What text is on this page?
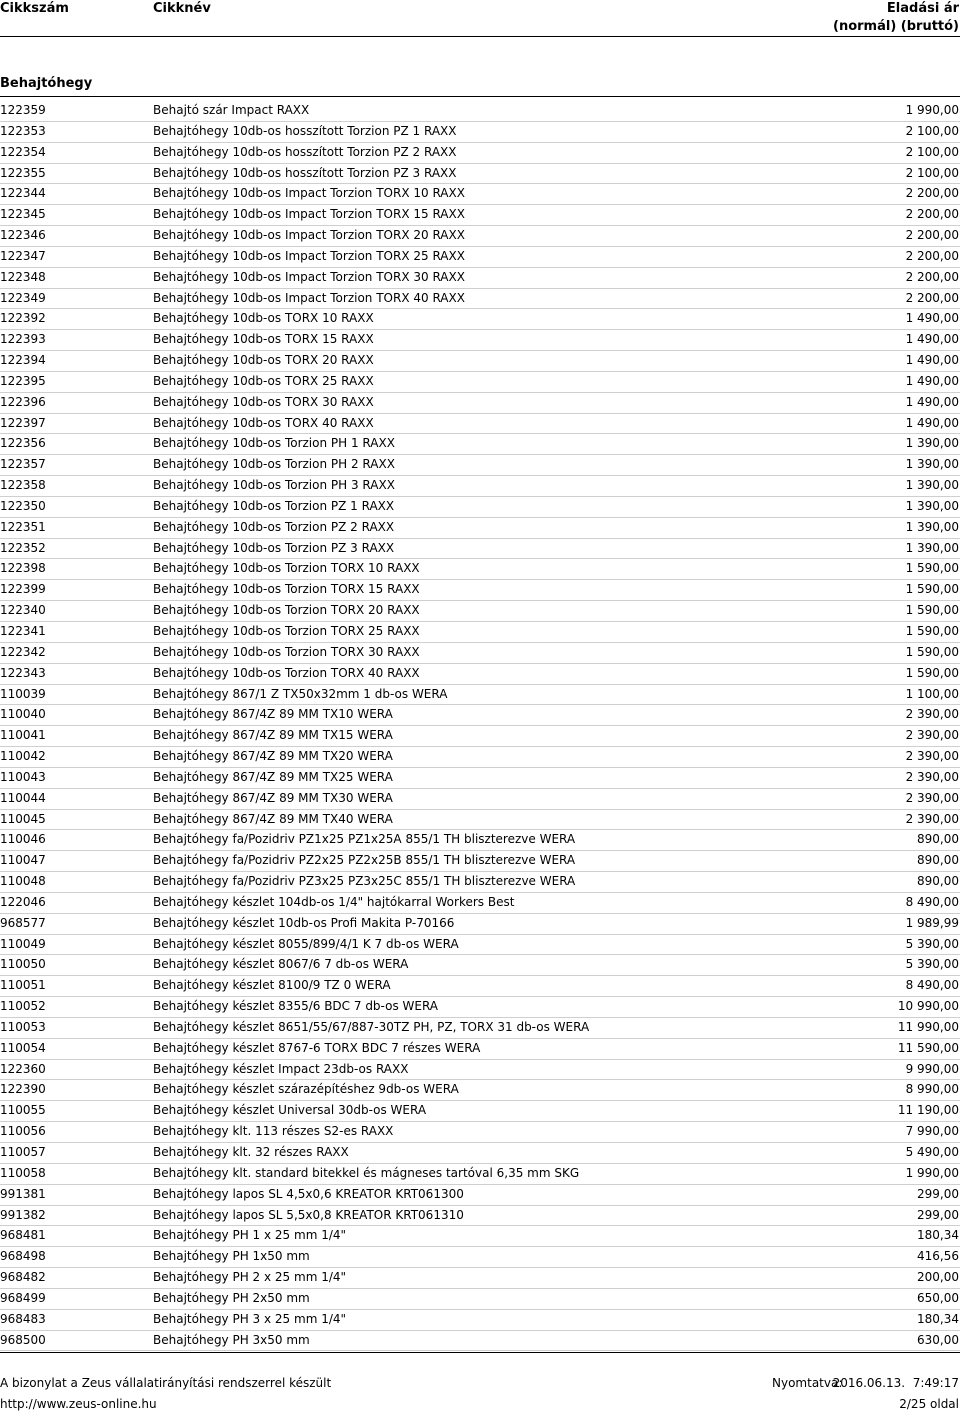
Cikkszám	Cikknév	Eladási ár
(normál) (bruttó)
Behajtóhegy
122359	Behajtó szár Impact RAXX	1 990,00
122353	Behajtóhegy 10db-os hosszított Torzion PZ 1 RAXX	2 100,00
122354	Behajtóhegy 10db-os hosszított Torzion PZ 2 RAXX	2 100,00
122355	Behajtóhegy 10db-os hosszított Torzion PZ 3 RAXX	2 100,00
122344	Behajtóhegy 10db-os Impact Torzion TORX 10 RAXX	2 200,00
122345	Behajtóhegy 10db-os Impact Torzion TORX 15 RAXX	2 200,00
122346	Behajtóhegy 10db-os Impact Torzion TORX 20 RAXX	2 200,00
122347	Behajtóhegy 10db-os Impact Torzion TORX 25 RAXX	2 200,00
122348	Behajtóhegy 10db-os Impact Torzion TORX 30 RAXX	2 200,00
122349	Behajtóhegy 10db-os Impact Torzion TORX 40 RAXX	2 200,00
122392	Behajtóhegy 10db-os TORX 10 RAXX	1 490,00
122393	Behajtóhegy 10db-os TORX 15 RAXX	1 490,00
122394	Behajtóhegy 10db-os TORX 20 RAXX	1 490,00
122395	Behajtóhegy 10db-os TORX 25 RAXX	1 490,00
122396	Behajtóhegy 10db-os TORX 30 RAXX	1 490,00
122397	Behajtóhegy 10db-os TORX 40 RAXX	1 490,00
122356	Behajtóhegy 10db-os Torzion PH 1 RAXX	1 390,00
122357	Behajtóhegy 10db-os Torzion PH 2 RAXX	1 390,00
122358	Behajtóhegy 10db-os Torzion PH 3 RAXX	1 390,00
122350	Behajtóhegy 10db-os Torzion PZ 1 RAXX	1 390,00
122351	Behajtóhegy 10db-os Torzion PZ 2 RAXX	1 390,00
122352	Behajtóhegy 10db-os Torzion PZ 3 RAXX	1 390,00
122398	Behajtóhegy 10db-os Torzion TORX 10 RAXX	1 590,00
122399	Behajtóhegy 10db-os Torzion TORX 15 RAXX	1 590,00
122340	Behajtóhegy 10db-os Torzion TORX 20 RAXX	1 590,00
122341	Behajtóhegy 10db-os Torzion TORX 25 RAXX	1 590,00
122342	Behajtóhegy 10db-os Torzion TORX 30 RAXX	1 590,00
122343	Behajtóhegy 10db-os Torzion TORX 40 RAXX	1 590,00
110039	Behajtóhegy 867/1 Z TX50x32mm 1 db-os WERA	1 100,00
110040	Behajtóhegy 867/4Z 89 MM TX10 WERA	2 390,00
110041	Behajtóhegy 867/4Z 89 MM TX15 WERA	2 390,00
110042	Behajtóhegy 867/4Z 89 MM TX20 WERA	2 390,00
110043	Behajtóhegy 867/4Z 89 MM TX25 WERA	2 390,00
110044	Behajtóhegy 867/4Z 89 MM TX30 WERA	2 390,00
110045	Behajtóhegy 867/4Z 89 MM TX40 WERA	2 390,00
110046	Behajtóhegy fa/Pozidriv PZ1x25 PZ1x25A 855/1 TH bliszterezve WERA	890,00
110047	Behajtóhegy fa/Pozidriv PZ2x25 PZ2x25B 855/1 TH bliszterezve WERA	890,00
110048	Behajtóhegy fa/Pozidriv PZ3x25 PZ3x25C 855/1 TH bliszterezve WERA	890,00
122046	Behajtóhegy készlet 104db-os 1/4" hajtókarral Workers Best	8 490,00
968577	Behajtóhegy készlet 10db-os Profi Makita P-70166	1 989,99
110049	Behajtóhegy készlet 8055/899/4/1 K 7 db-os WERA	5 390,00
110050	Behajtóhegy készlet 8067/6 7 db-os WERA	5 390,00
110051	Behajtóhegy készlet 8100/9 TZ 0 WERA	8 490,00
110052	Behajtóhegy készlet 8355/6 BDC 7 db-os WERA	10 990,00
110053	Behajtóhegy készlet 8651/55/67/887-30TZ PH, PZ, TORX 31 db-os WERA	11 990,00
110054	Behajtóhegy készlet 8767-6 TORX BDC 7 részes WERA	11 590,00
122360	Behajtóhegy készlet Impact 23db-os RAXX	9 990,00
122390	Behajtóhegy készlet szárazépítéshez 9db-os WERA	8 990,00
110055	Behajtóhegy készlet Universal 30db-os WERA	11 190,00
110056	Behajtóhegy klt. 113 részes S2-es RAXX	7 990,00
110057	Behajtóhegy klt. 32 részes RAXX	5 490,00
110058	Behajtóhegy klt. standard bitekkel és mágneses tartóval 6,35 mm SKG	1 990,00
991381	Behajtóhegy lapos SL 4,5x0,6 KREATOR KRT061300	299,00
991382	Behajtóhegy lapos SL 5,5x0,8 KREATOR KRT061310	299,00
968481	Behajtóhegy PH 1 x 25 mm 1/4"	180,34
968498	Behajtóhegy PH 1x50 mm	416,56
968482	Behajtóhegy PH 2 x 25 mm 1/4"	200,00
968499	Behajtóhegy PH 2x50 mm	650,00
968483	Behajtóhegy PH 3 x 25 mm 1/4"	180,34
968500	Behajtóhegy PH 3x50 mm	630,00
A bizonylat a Zeus vállalatirányítási rendszerrel készült	Nyomtatva:
2016.06.13. 7:49:17
http://www.zeus-online.hu	2/25 oldal
